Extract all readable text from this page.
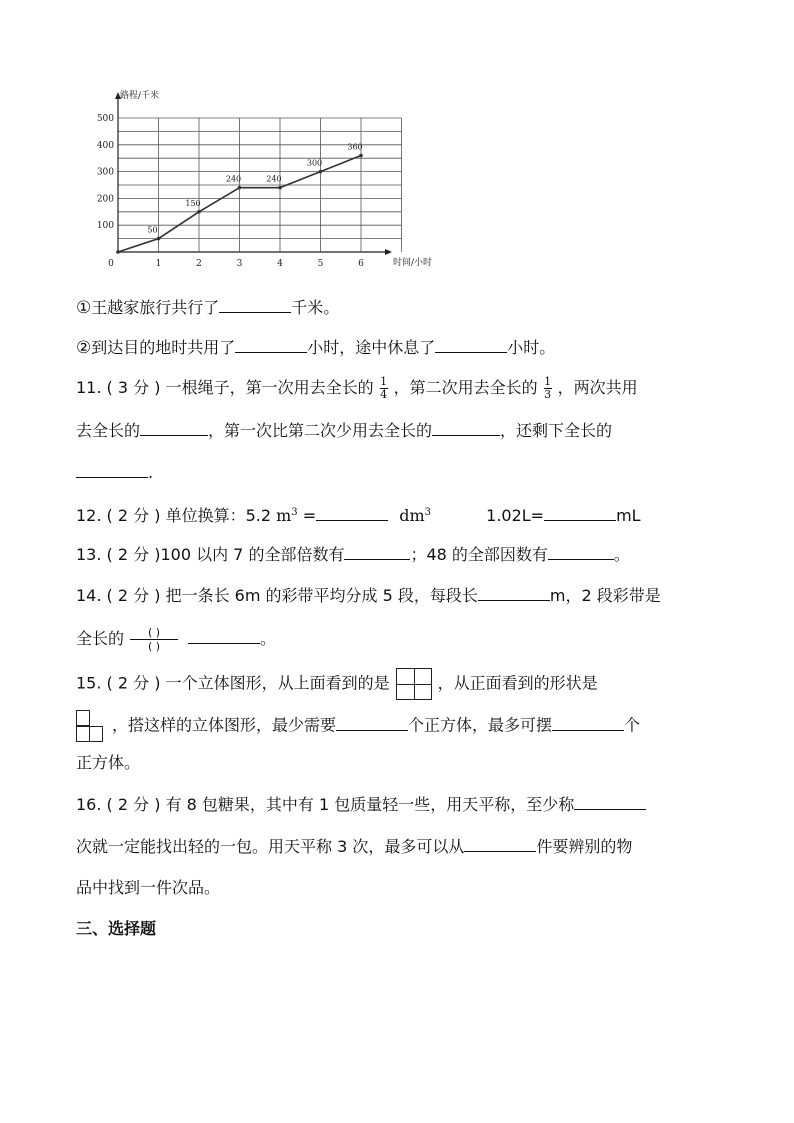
路程/千米
时间/小时
100
200
300
400
500
0	1	2	3	4	5	6
50
150
240	240
300
360
①王越家旅行共行了	千米。
②到达目的地时共用了	小时，途中休息了	小时。
11. ( 3 分 ) 一根绳子，第一次用去全长的 $\frac{1}{4}$ ，第二次用去全长的 $\frac{1}{3}$ ，两次共用
去全长的	，第一次比第二次少用去全长的	，还剩下全长的
.
12. ( 2 分 ) 单位换算：5.2 $m^3$ =	$dm^3$	1.02L=	mL
13. ( 2 分 )100 以内 7 的全部倍数有	；48 的全部因数有	。
14. ( 2 分 ) 把一条长 6m 的彩带平均分成 5 段，每段长	m，2 段彩带是
全长的 ( )
( )	。
15. ( 2 分 ) 一个立体图形，从上面看到的是	，从正面看到的形状是
，搭这样的立体图形，最少需要	个正方体，最多可摆	个
正方体。
16. ( 2 分 ) 有 8 包糖果，其中有 1 包质量轻一些，用天平称，至少称
次就一定能找出轻的一包。用天平称 3 次，最多可以从	件要辨别的物
品中找到一件次品。
三、选择题
